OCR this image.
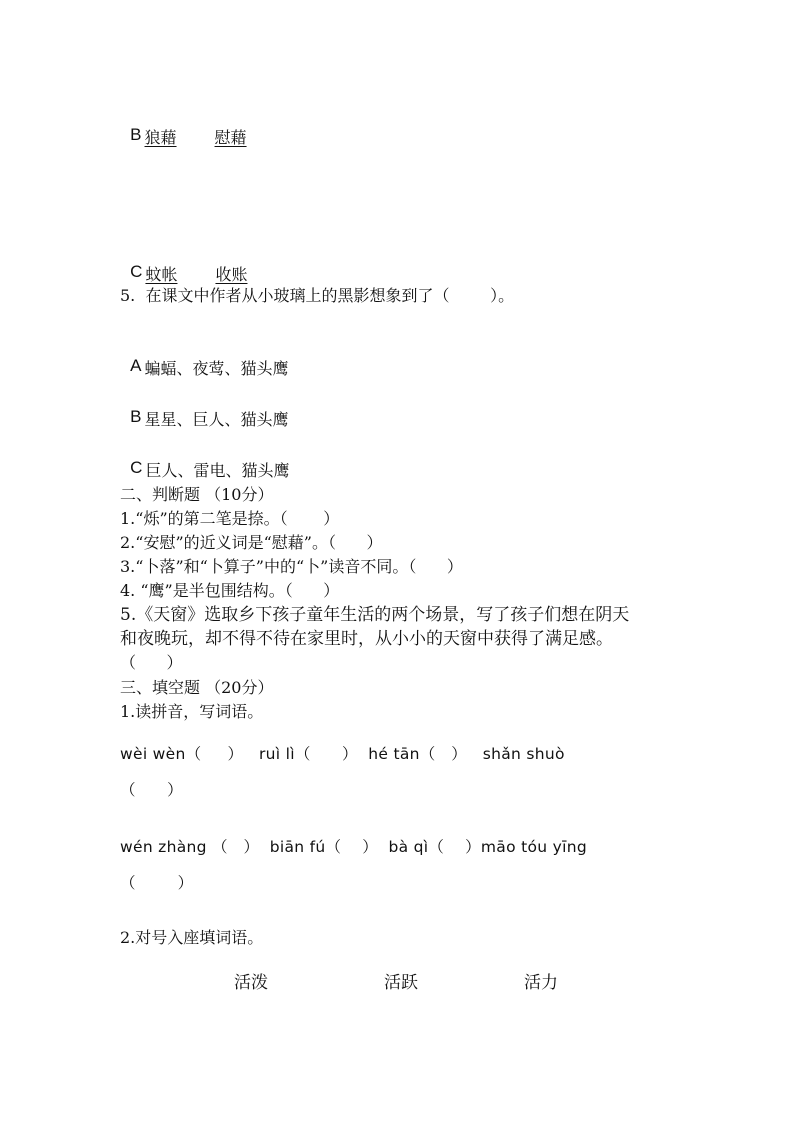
B 狼藉 慰藉

C 蚊帐 收账

5.  在课文中作者从小玻璃上的黑影想象到了（        ）。

A 蝙蝠、夜莺、猫头鹰

B 星星、巨人、猫头鹰

C 巨人、雷电、猫头鹰

二、判断题 （10分）
1.“烁”的第二笔是捺。（       ）
2.“安慰”的近义词是“慰藉”。（      ）
3.“卜落”和“卜算子”中的“卜”读音不同。（      ）
4. “鹰”是半包围结构。（      ）
5.《天窗》选取乡下孩子童年生活的两个场景，写了孩子们想在阴天
和夜晚玩，却不得不待在家里时，从小小的天窗中获得了满足感。
（      ）
三、填空题 （20分）
1.读拼音，写词语。
wèi wèn（     ）   ruì lì（      ）  hé tān（   ）   shǎn shuò
（      ）
wén zhàng （   ）  biān fú（    ）  bà qì（    ）māo tóu yīng
（        ）
2.对号入座填词语。
活泼	活跃	活力
